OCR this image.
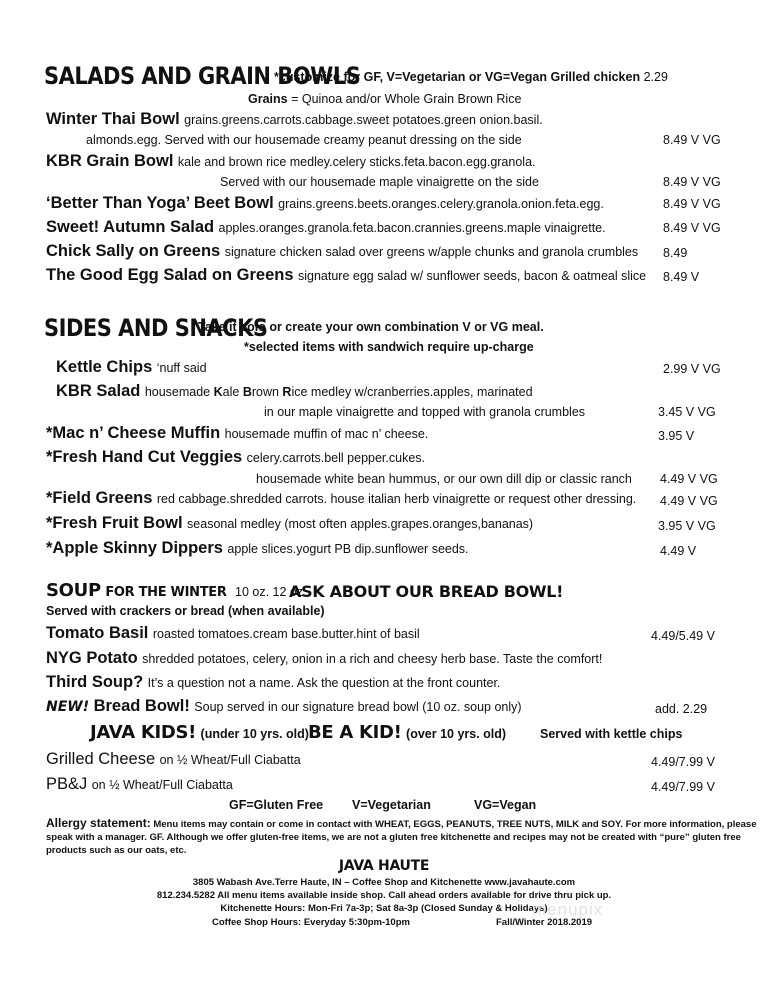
SALADS AND GRAIN BOWLS
*customize for GF, V=Vegetarian or VG=Vegan Grilled chicken 2.29
Grains = Quinoa and/or Whole Grain Brown Rice
Winter Thai Bowl grains.greens.carrots.cabbage.sweet potatoes.green onion.basil.
almonds.egg. Served with our housemade creamy peanut dressing on the side	8.49 V VG
KBR Grain Bowl kale and brown rice medley.celery sticks.feta.bacon.egg.granola.
Served with our housemade maple vinaigrette on the side	8.49 V VG
‘Better Than Yoga’ Beet Bowl grains.greens.beets.oranges.celery.granola.onion.feta.egg.	8.49 V VG
Sweet! Autumn Salad apples.oranges.granola.feta.bacon.crannies.greens.maple vinaigrette.	8.49 V VG
Chick Sally on Greens signature chicken salad over greens w/apple chunks and granola crumbles 8.49
The Good Egg Salad on Greens signature egg salad w/ sunflower seeds, bacon & oatmeal slice 8.49 V
SIDES AND SNACKS
Take it solo or create your own combination V or VG meal.
*selected items with sandwich require up-charge
Kettle Chips ‘nuff said	2.99 V VG
KBR Salad housemade Kale Brown Rice medley w/cranberries.apples, marinated
in our maple vinaigrette and topped with granola crumbles	3.45 V VG
*Mac n’ Cheese Muffin housemade muffin of mac n’ cheese.	3.95 V
*Fresh Hand Cut Veggies celery.carrots.bell pepper.cukes.
housemade white bean hummus, or our own dill dip or classic ranch 4.49 V VG
*Field Greens red cabbage.shredded carrots. house italian herb vinaigrette or request other dressing. 4.49 V VG
*Fresh Fruit Bowl seasonal medley (most often apples.grapes.oranges,bananas)	3.95 V VG
*Apple Skinny Dippers apple slices.yogurt PB dip.sunflower seeds.	4.49 V
SOUP FOR THE WINTER 10 oz. 12 oz.
ASK ABOUT OUR BREAD BOWL!
Served with crackers or bread (when available)
Tomato Basil roasted tomatoes.cream base.butter.hint of basil	4.49/5.49 V
NYG Potato shredded potatoes, celery, onion in a rich and cheesy herb base. Taste the comfort!
Third Soup? It’s a question not a name. Ask the question at the front counter.
NEW! Bread Bowl! Soup served in our signature bread bowl (10 oz. soup only)	add. 2.29
JAVA KIDS! (under 10 yrs. old) BE A KID! (over 10 yrs. old)	Served with kettle chips
Grilled Cheese on ½ Wheat/Full Ciabatta	4.49/7.99 V
PB&J on ½ Wheat/Full Ciabatta	4.49/7.99 V
GF=Gluten Free V=Vegetarian	VG=Vegan
Allergy statement: Menu items may contain or come in contact with WHEAT, EGGS, PEANUTS, TREE NUTS, MILK and SOY. For more information, please
speak with a manager. GF. Although we offer gluten-free items, we are not a gluten free kitchenette and recipes may not be created with “pure” gluten free
products such as our oats, etc.
JAVA HAUTE
3805 Wabash Ave.Terre Haute, IN – Coffee Shop and Kitchenette www.javahaute.com
812.234.5282 All menu items available inside shop. Call ahead orders available for drive thru pick up.
Kitchenette Hours: Mon-Fri 7a-3p; Sat 8a-3p (Closed Sunday & Holidays)
Coffee Shop Hours: Everyday 5:30pm-10pm	Fall/Winter 2018.2019
menupix
